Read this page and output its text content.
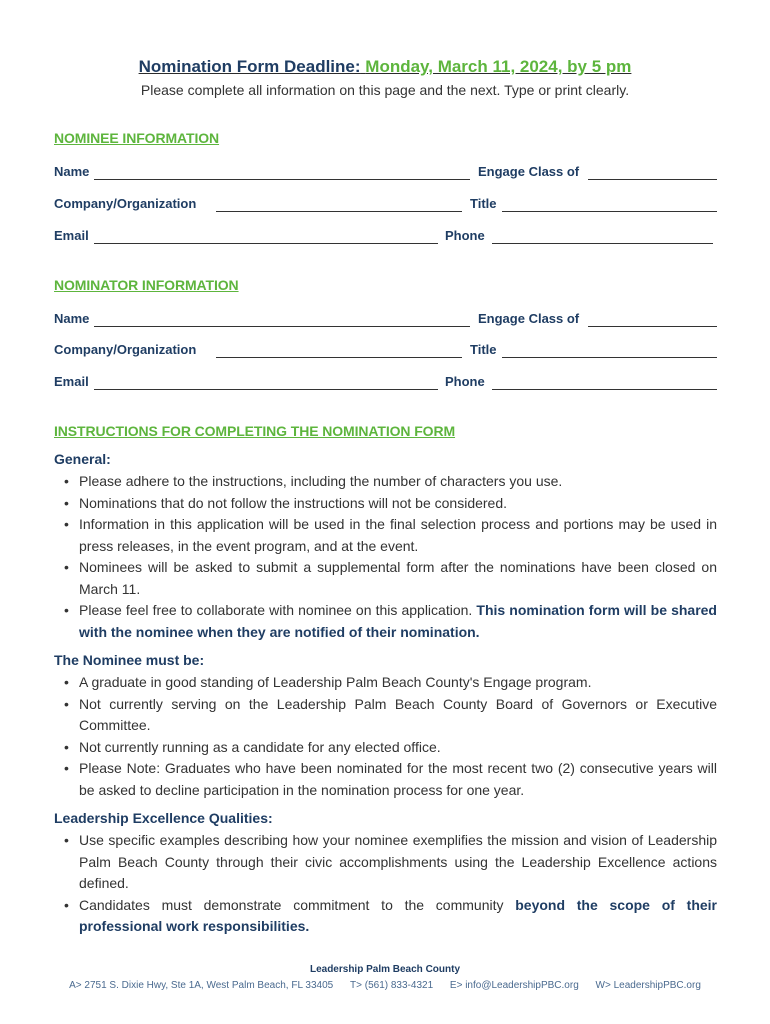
Nomination Form Deadline: Monday, March 11, 2024, by 5 pm
Please complete all information on this page and the next. Type or print clearly.
NOMINEE INFORMATION
Name	Engage Class of
Company/Organization	Title
Email	Phone
NOMINATOR INFORMATION
Name	Engage Class of
Company/Organization	Title
Email	Phone
INSTRUCTIONS FOR COMPLETING THE NOMINATION FORM
General:
• Please adhere to the instructions, including the number of characters you use.
• Nominations that do not follow the instructions will not be considered.
• Information in this application will be used in the final selection process and portions may be used in press releases, in the event program, and at the event.
• Nominees will be asked to submit a supplemental form after the nominations have been closed on March 11.
• Please feel free to collaborate with nominee on this application. This nomination form will be shared with the nominee when they are notified of their nomination.
The Nominee must be:
• A graduate in good standing of Leadership Palm Beach County's Engage program.
• Not currently serving on the Leadership Palm Beach County Board of Governors or Executive Committee.
• Not currently running as a candidate for any elected office.
• Please Note: Graduates who have been nominated for the most recent two (2) consecutive years will be asked to decline participation in the nomination process for one year.
Leadership Excellence Qualities:
• Use specific examples describing how your nominee exemplifies the mission and vision of Leadership Palm Beach County through their civic accomplishments using the Leadership Excellence actions defined.
• Candidates must demonstrate commitment to the community beyond the scope of their professional work responsibilities.
Leadership Palm Beach County
A> 2751 S. Dixie Hwy, Ste 1A, West Palm Beach, FL 33405 T> (561) 833-4321 E> info@LeadershipPBC.org W> LeadershipPBC.org
